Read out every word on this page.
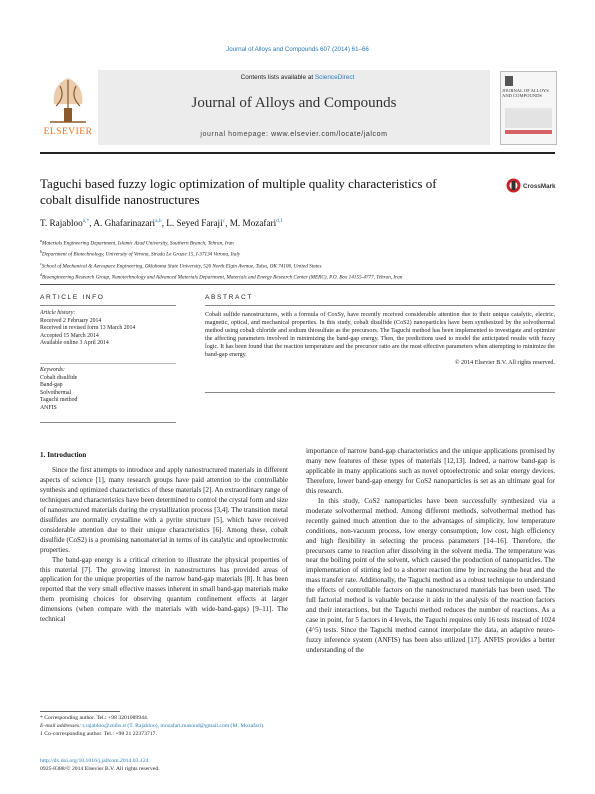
Journal of Alloys and Compounds 607 (2014) 61–66
Contents lists available at ScienceDirect
Journal of Alloys and Compounds
journal homepage: www.elsevier.com/locate/jalcom
ELSEVIER
JOURNAL OF ALLOYS AND COMPOUNDS
Taguchi based fuzzy logic optimization of multiple quality characteristics of cobalt disulfide nanostructures
CrossMark
T. Rajabloo$^{a,*}$, A. Ghafarinazari$^{a,b}$, L. Seyed Faraji$^c$, M. Mozafari$^{d,1}$
$^a$Materials Engineering Department, Islamic Azad University, Southern Branch, Tehran, Iran
$^b$Department of Biotechnology, University of Verona, Strada Le Grazie 15, I-37134 Verona, Italy
$^c$School of Mechanical & Aerospace Engineering, Oklahoma State University, 526 North Elgin Avenue, Tulsa, OK 74106, United States
$^d$Bioengineering Research Group, Nanotechnology and Advanced Materials Department, Materials and Energy Research Center (MERC), P.O. Box 14155-4777, Tehran, Iran
ARTICLE INFO
Article history:
Received 2 February 2014
Received in revised form 13 March 2014
Accepted 15 March 2014
Available online 3 April 2014
Keywords:
Cobalt disulfide
Band-gap
Solvothermal
Taguchi method
ANFIS
ABSTRACT
Cobalt sulfide nanostructures, with a formula of CoxSy, have recently received considerable attention due to their unique catalytic, electric, magnetic, optical, and mechanical properties. In this study, cobalt disulfide (CoS2) nanoparticles have been synthesized by the solvothermal method using cobalt chloride and sodium thiosulfate as the precursors. The Taguchi method has been implemented to investigate and optimize the affecting parameters involved in minimizing the band-gap energy. Then, the predictions used to model the anticipated results with fuzzy logic. It has been found that the reaction temperature and the precursor ratio are the most effective parameters when attempting to minimize the band-gap energy.
© 2014 Elsevier B.V. All rights reserved.
1. Introduction

Since the first attempts to introduce and apply nanostructured materials in different aspects of science [1], many research groups have paid attention to the controllable synthesis and optimized characteristics of these materials [2]. An extraordinary range of techniques and characteristics have been determined to control the crystal form and size of nanostructured materials during the crystallization process [3,4]. The transition metal disulfides are normally crystalline with a pyrite structure [5], which have received considerable attention due to their unique characteristics [6]. Among these, cobalt disulfide (CoS2) is a promising nanomaterial in terms of its catalytic and optoelectronic properties.

The band-gap energy is a critical criterion to illustrate the physical properties of this material [7]. The growing interest in nanostructures has provided areas of application for the unique properties of the narrow band-gap materials [8]. It has been reported that the very small effective masses inherent in small band-gap materials make them promising choices for observing quantum confinement effects at larger dimensions (when compare with the materials with wide-band-gaps) [9–11]. The technical

importance of narrow band-gap characteristics and the unique applications promised by many new features of these types of materials [12,13]. Indeed, a narrow band-gap is applicable in many applications such as novel optoelectronic and solar energy devices. Therefore, lower band-gap energy for CoS2 nanoparticles is set as an ultimate goal for this research.

In this study, CoS2 nanoparticles have been successfully synthesized via a moderate solvothermal method. Among different methods, solvothermal method has recently gained much attention due to the advantages of simplicity, low temperature conditions, non-vacuum process, low energy consumption, low cost, high efficiency and high flexibility in selecting the process parameters [14–16]. Therefore, the precursors came to reaction after dissolving in the solvent media. The temperature was near the boiling point of the solvent, which caused the production of nanoparticles. The implementation of stirring led to a shorter reaction time by increasing the heat and the mass transfer rate. Additionally, the Taguchi method as a robust technique to understand the effects of controllable factors on the nanostructured materials has been used. The full factorial method is valuable because it aids in the analysis of the reaction factors and their interactions, but the Taguchi method reduces the number of reactions. As a case in point, for 5 factors in 4 levels, the Taguchi requires only 16 tests instead of 1024 (4^5) tests. Since the Taguchi method cannot interpolate the data, an adaptive neuro-fuzzy inference system (ANFIS) has been also utilized [17]. ANFIS provides a better understanding of the

* Corresponding author. Tel.: +98 3201089944.
E-mail addresses: t.rajabloo@znibs.it (T. Rajabloo), mozafari.masoud@gmail.com (M. Mozafari).
1 Co-corresponding author. Tel.: +98 21 22373717.
http://dx.doi.org/10.1016/j.jallcom.2014.03.124
0925-8388/© 2014 Elsevier B.V. All rights reserved.
